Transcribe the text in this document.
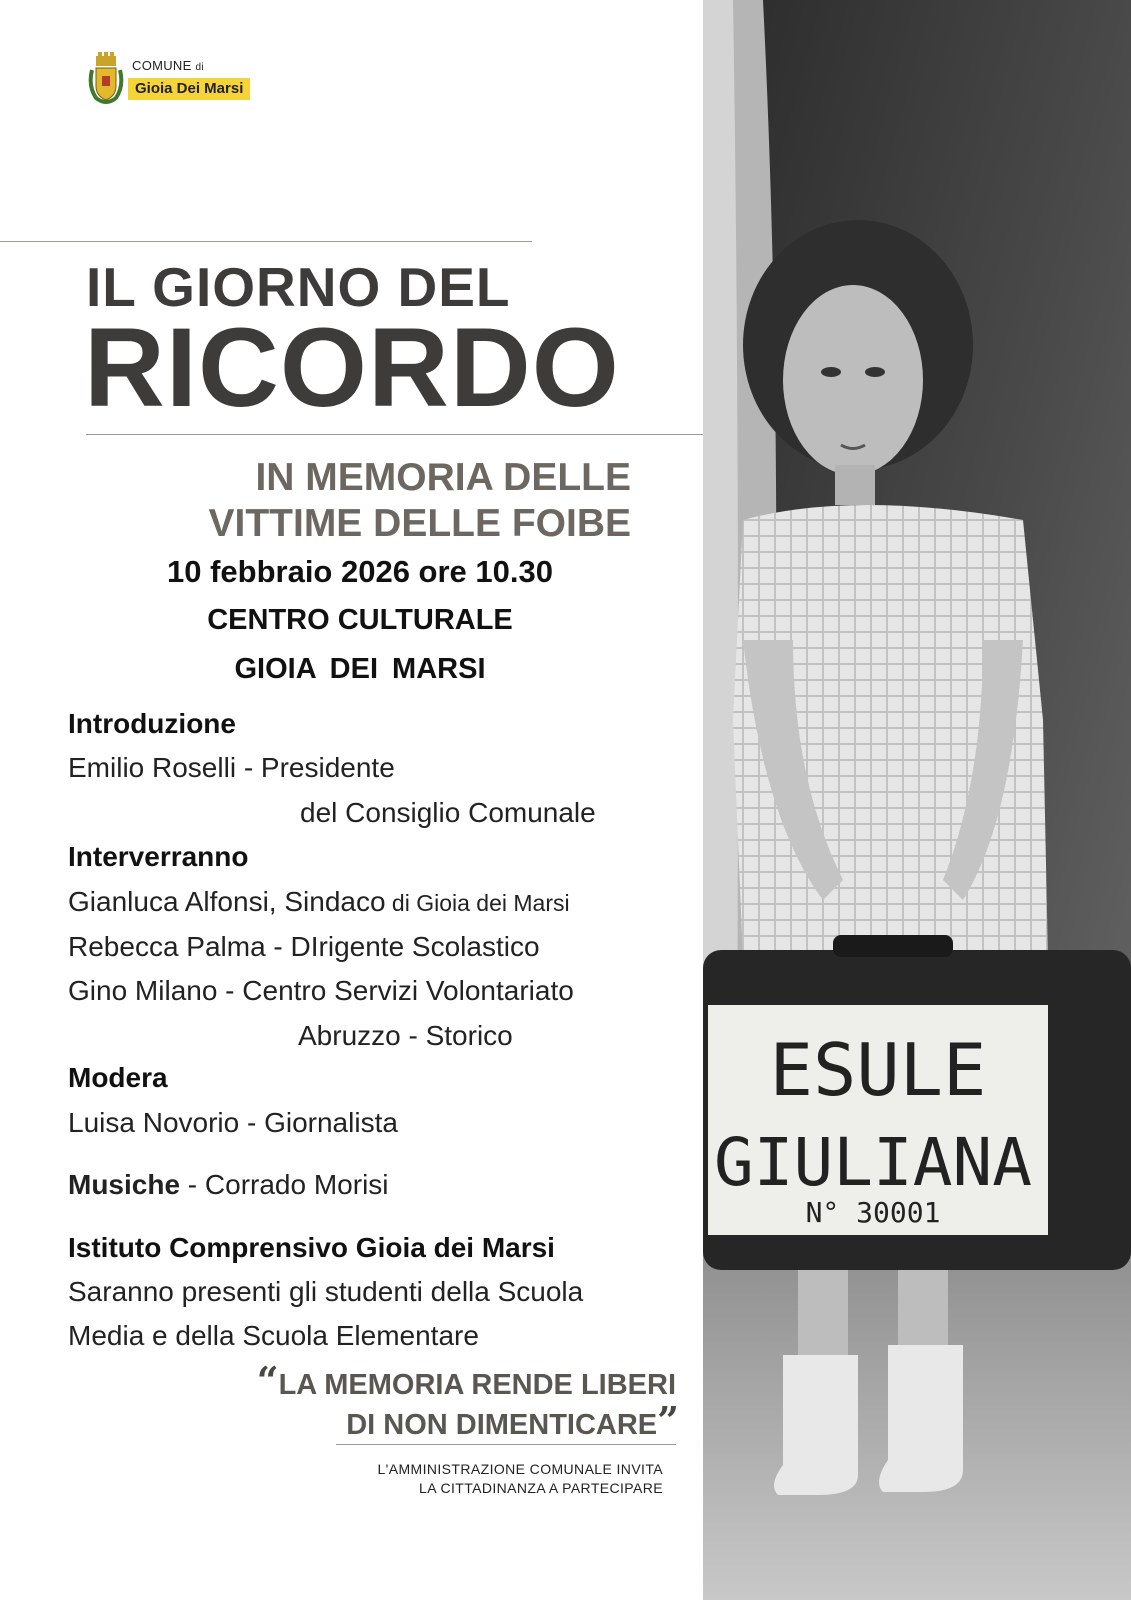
COMUNE di
Gioia Dei Marsi
IL GIORNO DEL
RICORDO
IN MEMORIA DELLE
VITTIME DELLE FOIBE
10 febbraio 2026 ore 10.30
CENTRO CULTURALE
GIOIA DEI MARSI
Introduzione
Emilio Roselli - Presidente
del Consiglio Comunale
Interverranno
Gianluca Alfonsi, Sindaco di Gioia dei Marsi
Rebecca Palma - DIrigente Scolastico
Gino Milano - Centro Servizi Volontariato
Abruzzo - Storico
Modera
Luisa Novorio - Giornalista
Musiche - Corrado Morisi
Istituto Comprensivo Gioia dei Marsi
Saranno presenti gli studenti della Scuola
Media e della Scuola Elementare
“LA MEMORIA RENDE LIBERI
DI NON DIMENTICARE”
L'AMMINISTRAZIONE COMUNALE INVITA
LA CITTADINANZA A PARTECIPARE
ESULE
GIULIANA
N° 30001
